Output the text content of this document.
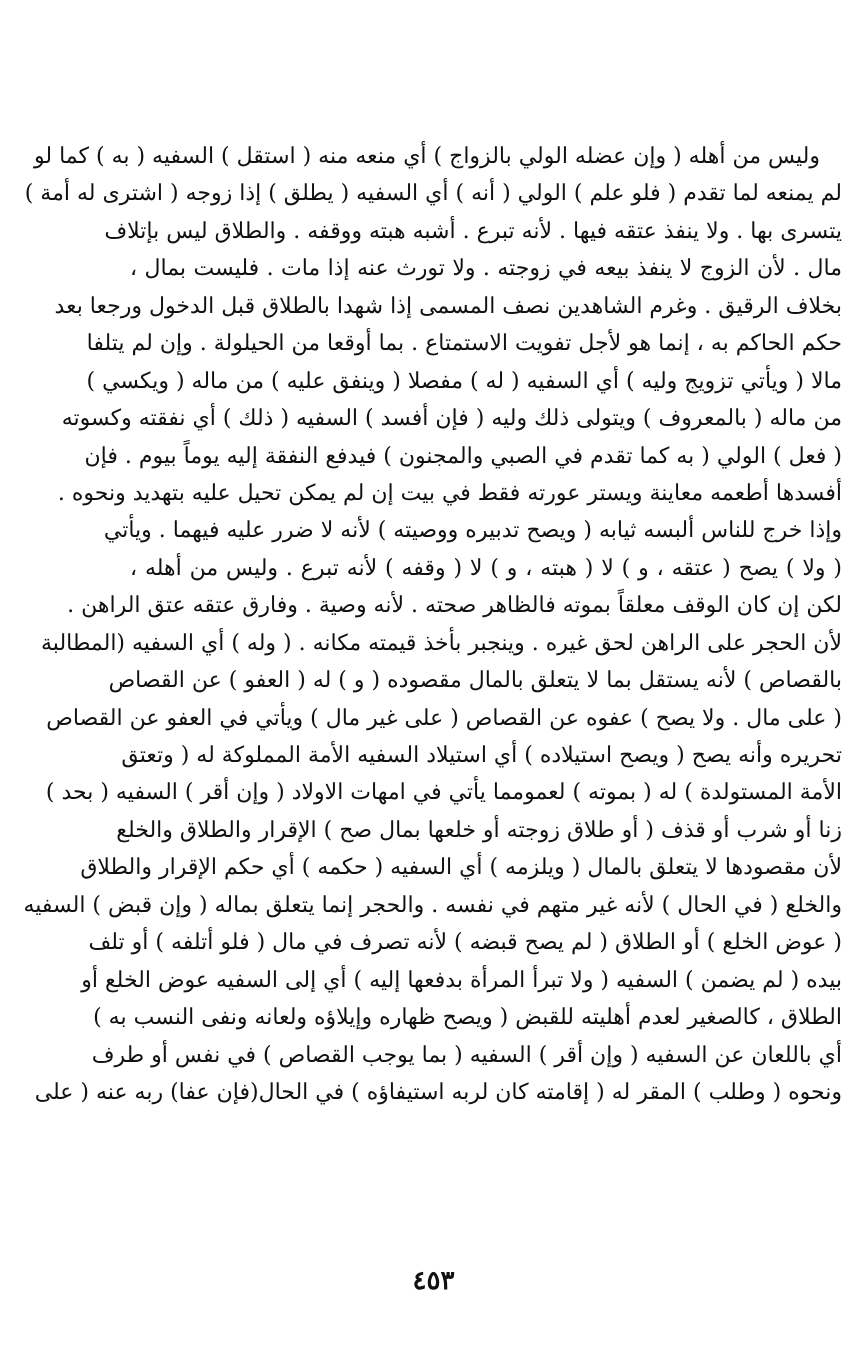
وليس من أهله ( وإن عضله الولي بالزواج ) أي منعه منه ( استقل ) السفيه ( به ) كما لو
لم يمنعه لما تقدم ( فلو علم ) الولي ( أنه ) أي السفيه ( يطلق ) إذا زوجه ( اشترى له أمة )
يتسرى بها . ولا ينفذ عتقه فيها . لأنه تبرع . أشبه هبته ووقفه . والطلاق ليس بإتلاف
مال . لأن الزوج لا ينفذ بيعه في زوجته . ولا تورث عنه إذا مات . فليست بمال ،
بخلاف الرقيق . وغرم الشاهدين نصف المسمى إذا شهدا بالطلاق قبل الدخول ورجعا بعد
حكم الحاكم به ، إنما هو لأجل تفويت الاستمتاع . بما أوقعا من الحيلولة . وإن لم يتلفا
مالا ( ويأتي تزويج وليه ) أي السفيه ( له ) مفصلا ( وينفق عليه ) من ماله ( ويكسي )
من ماله ( بالمعروف ) ويتولى ذلك وليه ( فإن أفسد ) السفيه ( ذلك ) أي نفقته وكسوته
( فعل ) الولي ( به كما تقدم في الصبي والمجنون ) فيدفع النفقة إليه يوماً بيوم . فإن
أفسدها أطعمه معاينة ويستر عورته فقط في بيت إن لم يمكن تحيل عليه بتهديد ونحوه .
وإذا خرج للناس ألبسه ثيابه ( ويصح تدبيره ووصيته ) لأنه لا ضرر عليه فيهما . ويأتي
( ولا ) يصح ( عتقه ، و ) لا ( هبته ، و ) لا ( وقفه ) لأنه تبرع . وليس من أهله ،
لكن إن كان الوقف معلقاً بموته فالظاهر صحته . لأنه وصية . وفارق عتقه عتق الراهن .
لأن الحجر على الراهن لحق غيره . وينجبر بأخذ قيمته مكانه . ( وله ) أي السفيه (المطالبة
بالقصاص ) لأنه يستقل بما لا يتعلق بالمال مقصوده ( و ) له ( العفو ) عن القصاص
( على مال . ولا يصح ) عفوه عن القصاص ( على غير مال ) ويأتي في العفو عن القصاص
تحريره وأنه يصح ( ويصح استيلاده ) أي استيلاد السفيه الأمة المملوكة له ( وتعتق
الأمة المستولدة ) له ( بموته ) لعمومما يأتي في امهات الاولاد ( وإن أقر ) السفيه ( بحد )
زنا أو شرب أو قذف ( أو طلاق زوجته أو خلعها بمال صح ) الإقرار والطلاق والخلع
لأن مقصودها لا يتعلق بالمال ( ويلزمه ) أي السفيه ( حكمه ) أي حكم الإقرار والطلاق
والخلع ( في الحال ) لأنه غير متهم في نفسه . والحجر إنما يتعلق بماله ( وإن قبض ) السفيه
( عوض الخلع ) أو الطلاق ( لم يصح قبضه ) لأنه تصرف في مال ( فلو أتلفه ) أو تلف
بيده ( لم يضمن ) السفيه ( ولا تبرأ المرأة بدفعها إليه ) أي إلى السفيه عوض الخلع أو
الطلاق ، كالصغير لعدم أهليته للقبض ( ويصح ظهاره وإيلاؤه ولعانه ونفى النسب به )
أي باللعان عن السفيه ( وإن أقر ) السفيه ( بما يوجب القصاص ) في نفس أو طرف
ونحوه ( وطلب ) المقر له ( إقامته كان لربه استيفاؤه ) في الحال(فإن عفا) ربه عنه ( على
٤٥٣
